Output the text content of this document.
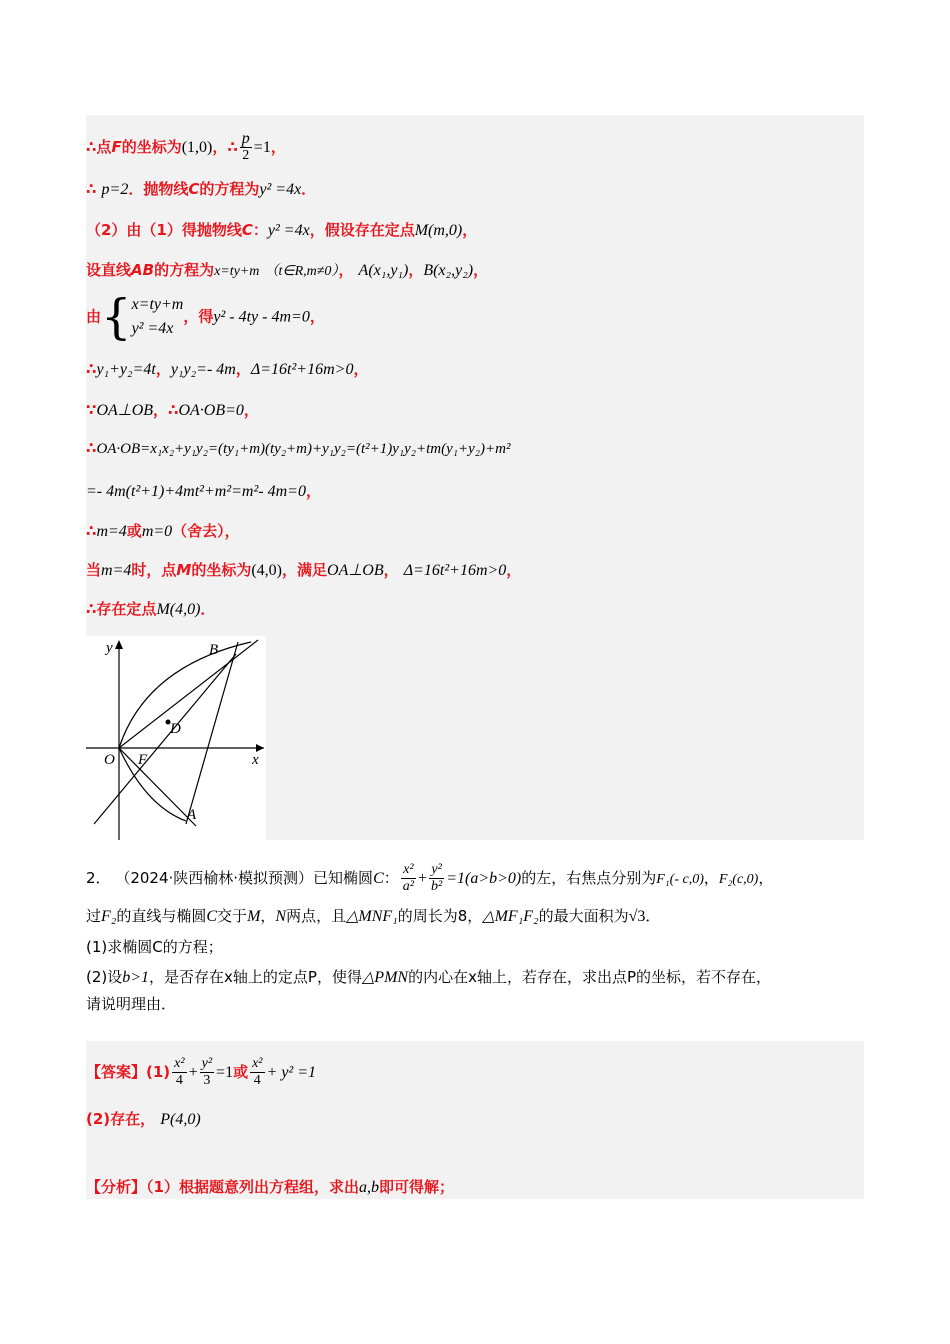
∴点F的坐标为(1,0)，∴ $\frac{p}{2} =1$，
∴ p=2．抛物线C的方程为y² =4x．
（2）由（1）得抛物线C：y² =4x，假设存在定点M(m,0)，
设直线AB的方程为x=ty+m （t∈R,m≠0）， A(x₁,y₁)，B(x₂,y₂)，
由{ x=ty+m
y² =4x
，得y² - 4ty - 4m=0，
∴y₁+y₂=4t，y₁y₂=- 4m，Δ=16t²+16m>0，
∵OA⊥OB，∴OA·OB=0，
∴OA·OB=x₁x₂+y₁y₂=(ty₁+m)(ty₂+m)+y₁y₂=(t²+1)y₁y₂+tm(y₁+y₂)+m²
=- 4m(t²+1)+4mt²+m²=m²- 4m=0，
∴m=4或m=0（舍去），
当m=4时，点M的坐标为(4,0)，满足OA⊥OB， Δ=16t²+16m>0，
∴存在定点M(4,0)．
y
x
O F
B
D
A
2． （2024·陕西榆林·模拟预测）已知椭圆C： $\frac{\text{x²}}{\text{a²}} + \frac{\text{y²}}{\text{b²}} =1(a>b>0)$的左，右焦点分别为F₁(- c,0)，F₂(c,0)，
过F₂的直线与椭圆C交于M，N两点，且△MNF₁的周长为8，△MF₁F₂的最大面积为√3．
(1)求椭圆C的方程；
(2)设b>1，是否存在x轴上的定点P，使得△PMN的内心在x轴上，若存在，求出点P的坐标，若不存在，
请说明理由．
【答案】$(1) \frac{\text{x²}}{4} + \frac{\text{y²}}{3} =1$或 $\frac{\text{x²}}{4} + y^2 =1$
(2)存在， P(4,0)
【分析】（1）根据题意列出方程组，求出a,b即可得解；
